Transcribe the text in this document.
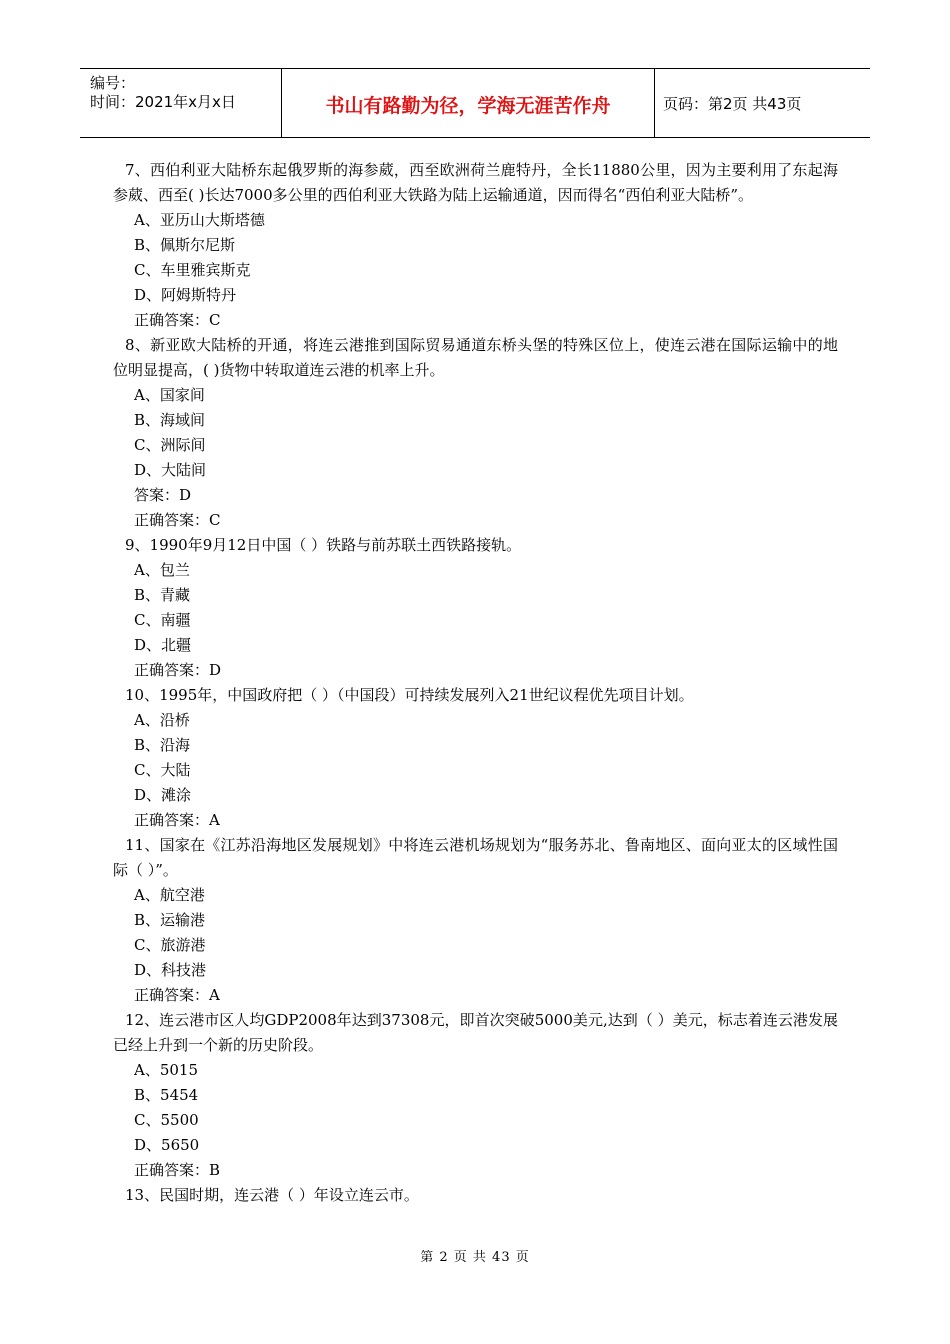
编号：
时间：2021年x月x日	书山有路勤为径，学海无涯苦作舟	页码：第2页 共43页
7、西伯利亚大陆桥东起俄罗斯的海参葳，西至欧洲荷兰鹿特丹，全长11880公里，因为主要利用了东起海参葳、西至( )长达7000多公里的西伯利亚大铁路为陆上运输通道，因而得名“西伯利亚大陆桥”。
A、亚历山大斯塔德
B、佩斯尔尼斯
C、车里雅宾斯克
D、阿姆斯特丹
正确答案：C
8、新亚欧大陆桥的开通，将连云港推到国际贸易通道东桥头堡的特殊区位上，使连云港在国际运输中的地位明显提高，( )货物中转取道连云港的机率上升。
A、国家间
B、海域间
C、洲际间
D、大陆间
答案：D
正确答案：C
9、1990年9月12日中国（ ）铁路与前苏联土西铁路接轨。
A、包兰
B、青藏
C、南疆
D、北疆
正确答案：D
10、1995年，中国政府把（ ）（中国段）可持续发展列入21世纪议程优先项目计划。
A、沿桥
B、沿海
C、大陆
D、滩涂
正确答案：A
11、国家在《江苏沿海地区发展规划》中将连云港机场规划为“服务苏北、鲁南地区、面向亚太的区域性国际（ ）”。
A、航空港
B、运输港
C、旅游港
D、科技港
正确答案：A
12、连云港市区人均GDP2008年达到37308元，即首次突破5000美元,达到（ ）美元，标志着连云港发展已经上升到一个新的历史阶段。
A、5015
B、5454
C、5500
D、5650
正确答案：B
13、民国时期，连云港（ ）年设立连云市。
第 2 页 共 43 页
